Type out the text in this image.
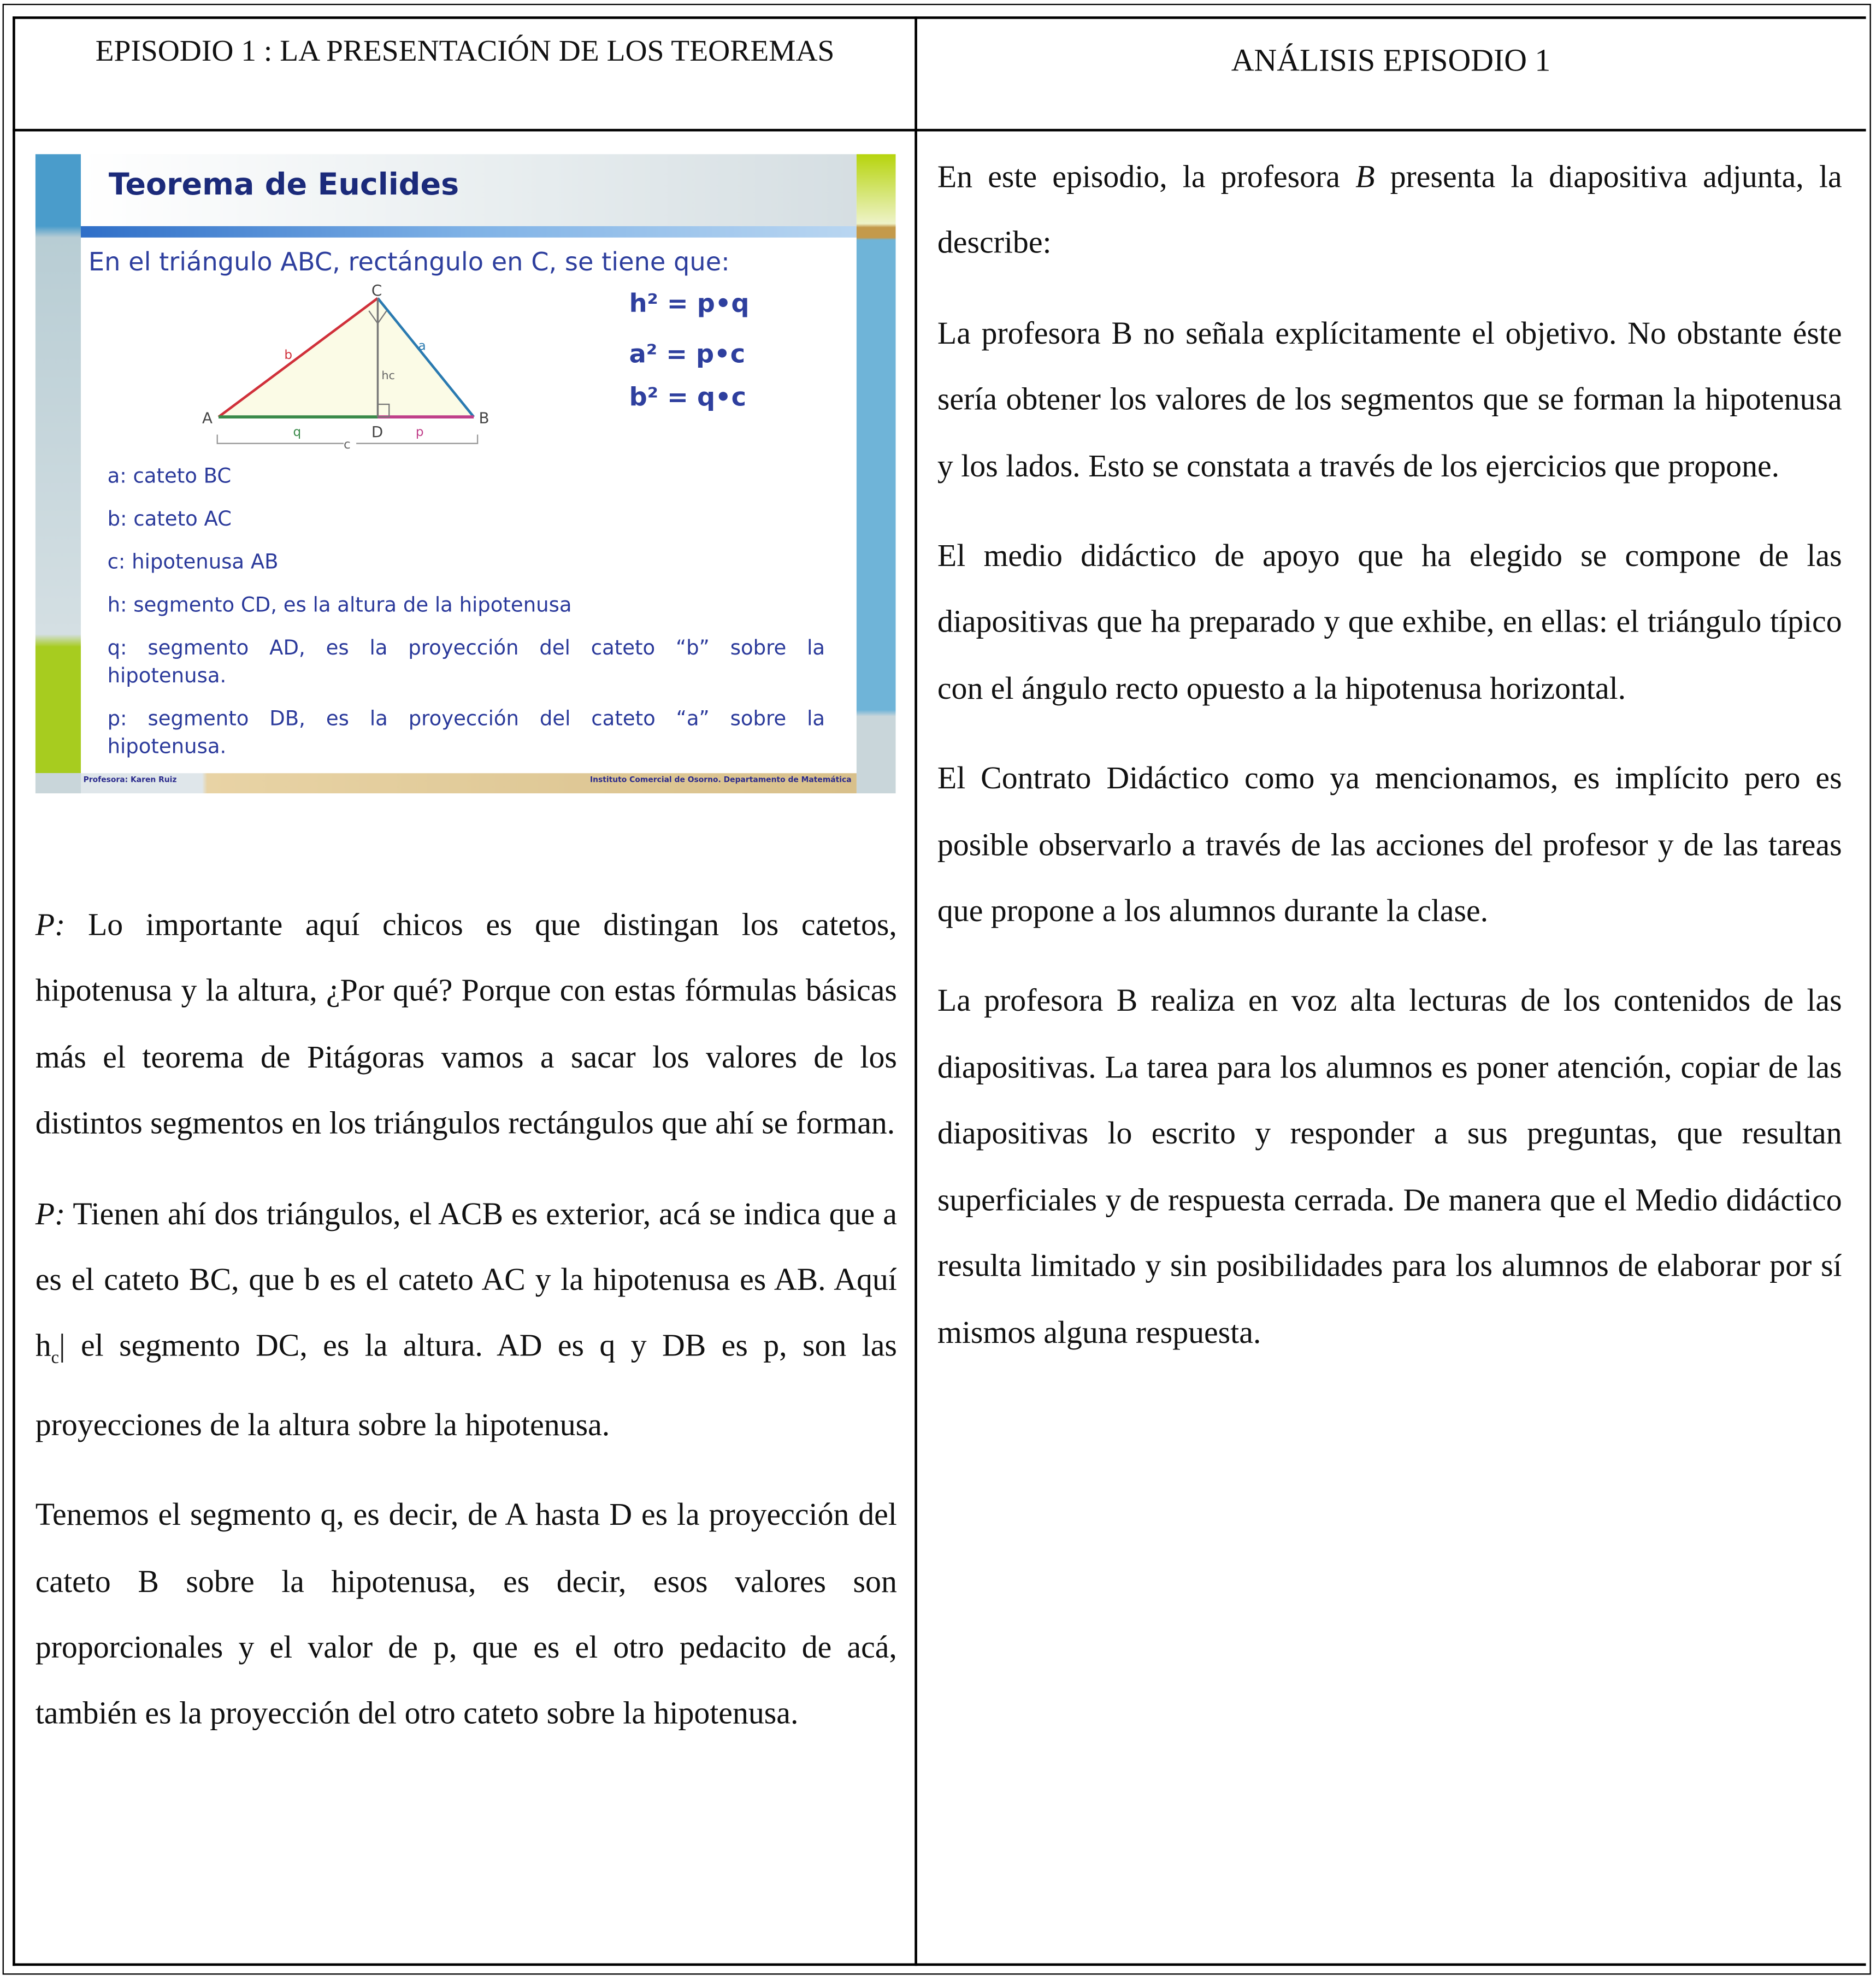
EPISODIO 1 : LA PRESENTACIÓN DE LOS TEOREMAS	ANÁLISIS EPISODIO 1
Teorema de Euclides
En el triángulo ABC, rectángulo en C, se tiene que:
A	B
C
D
b
a
hc
q	p
c
h² = p•q
a² = p•c
b² = q•c
a: cateto BC
b: cateto AC
c: hipotenusa AB
h: segmento CD, es la altura de la hipotenusa
q: segmento AD, es la proyección del cateto “b” sobre la hipotenusa.
p: segmento DB, es la proyección del cateto “a” sobre la hipotenusa.
Profesora: Karen Ruiz	Instituto Comercial de Osorno. Departamento de Matemática

P: Lo importante aquí chicos es que distingan los catetos, hipotenusa y la altura, ¿Por qué? Porque con estas fórmulas básicas más el teorema de Pitágoras vamos a sacar los valores de los distintos segmentos en los triángulos rectángulos que ahí se forman.

P: Tienen ahí dos triángulos, el ACB es exterior, acá se indica que a es el cateto BC, que b es el cateto AC y la hipotenusa es AB. Aquí $h_c|$ el segmento DC, es la altura. AD es q y DB es p, son las proyecciones de la altura sobre la hipotenusa.

Tenemos el segmento q, es decir, de A hasta D es la proyección del cateto B sobre la hipotenusa, es decir, esos valores son proporcionales y el valor de p, que es el otro pedacito de acá, también es la proyección del otro cateto sobre la hipotenusa.

En este episodio, la profesora B presenta la diapositiva adjunta, la describe:

La profesora B no señala explícitamente el objetivo. No obstante éste sería obtener los valores de los segmentos que se forman la hipotenusa y los lados. Esto se constata a través de los ejercicios que propone.

El medio didáctico de apoyo que ha elegido se compone de las diapositivas que ha preparado y que exhibe, en ellas: el triángulo típico con el ángulo recto opuesto a la hipotenusa horizontal.

El Contrato Didáctico como ya mencionamos, es implícito pero es posible observarlo a través de las acciones del profesor y de las tareas que propone a los alumnos durante la clase.

La profesora B realiza en voz alta lecturas de los contenidos de las diapositivas. La tarea para los alumnos es poner atención, copiar de las diapositivas lo escrito y responder a sus preguntas, que resultan superficiales y de respuesta cerrada. De manera que el Medio didáctico resulta limitado y sin posibilidades para los alumnos de elaborar por sí mismos alguna respuesta.
